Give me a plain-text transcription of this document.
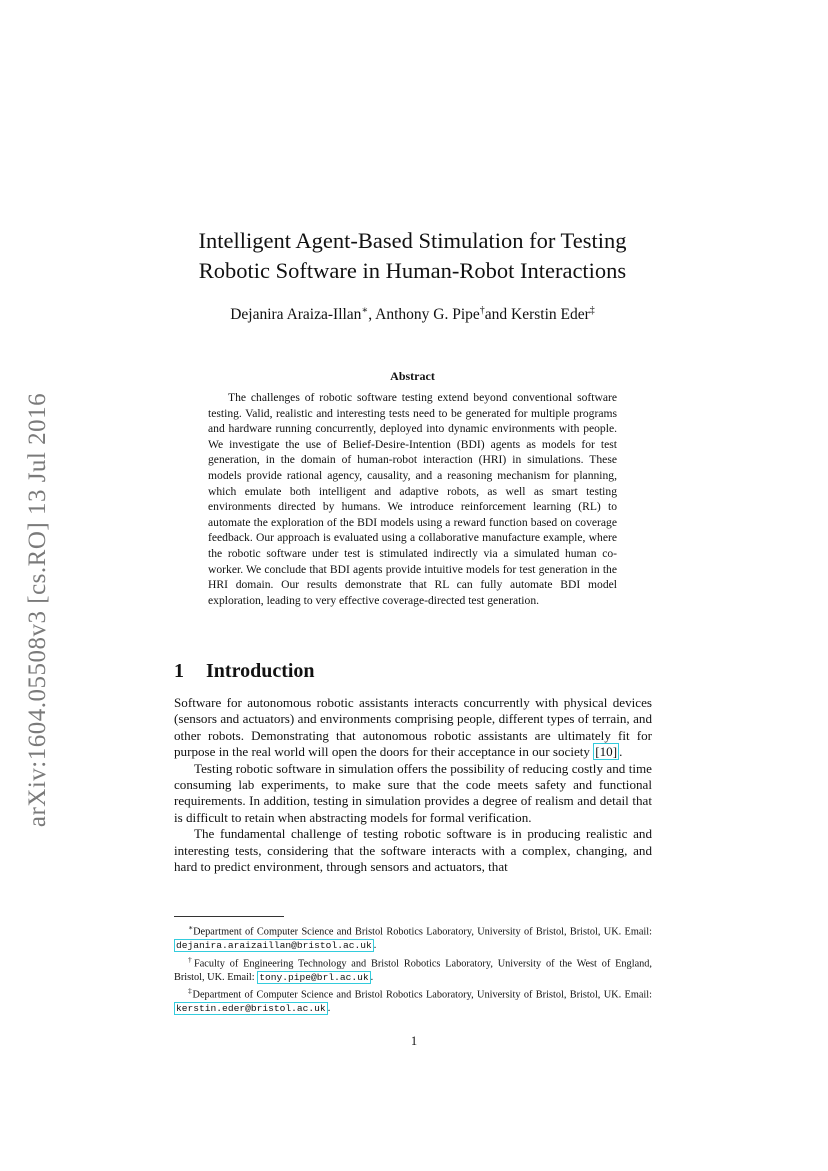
arXiv:1604.05508v3 [cs.RO] 13 Jul 2016
Intelligent Agent-Based Stimulation for Testing
Robotic Software in Human-Robot Interactions
Dejanira Araiza-Illan∗, Anthony G. Pipe†and Kerstin Eder‡
Abstract
The challenges of robotic software testing extend beyond conventional software testing. Valid, realistic and interesting tests need to be generated for multiple programs and hardware running concurrently, deployed into dynamic environments with people. We investigate the use of Belief-Desire-Intention (BDI) agents as models for test generation, in the domain of human-robot interaction (HRI) in simulations. These models provide rational agency, causality, and a reasoning mechanism for planning, which emulate both intelligent and adaptive robots, as well as smart testing environments directed by humans. We introduce reinforcement learning (RL) to automate the exploration of the BDI models using a reward function based on coverage feedback. Our approach is evaluated using a collaborative manufacture example, where the robotic software under test is stimulated indirectly via a simulated human co-worker. We conclude that BDI agents provide intuitive models for test generation in the HRI domain. Our results demonstrate that RL can fully automate BDI model exploration, leading to very effective coverage-directed test generation.
1 Introduction

Software for autonomous robotic assistants interacts concurrently with physical devices (sensors and actuators) and environments comprising people, different types of terrain, and other robots. Demonstrating that autonomous robotic assistants are ultimately fit for purpose in the real world will open the doors for their acceptance in our society [10] .

Testing robotic software in simulation offers the possibility of reducing costly and time consuming lab experiments, to make sure that the code meets safety and functional requirements. In addition, testing in simulation provides a degree of realism and detail that is difficult to retain when abstracting models for formal verification.

The fundamental challenge of testing robotic software is in producing realistic and interesting tests, considering that the software interacts with a complex, changing, and hard to predict environment, through sensors and actuators, that

∗Department of Computer Science and Bristol Robotics Laboratory, University of Bristol, Bristol, UK. Email: dejanira.araizaillan@bristol.ac.uk .

†Faculty of Engineering Technology and Bristol Robotics Laboratory, University of the West of England, Bristol, UK. Email: tony.pipe@brl.ac.uk .

‡Department of Computer Science and Bristol Robotics Laboratory, University of Bristol, Bristol, UK. Email: kerstin.eder@bristol.ac.uk .

1
